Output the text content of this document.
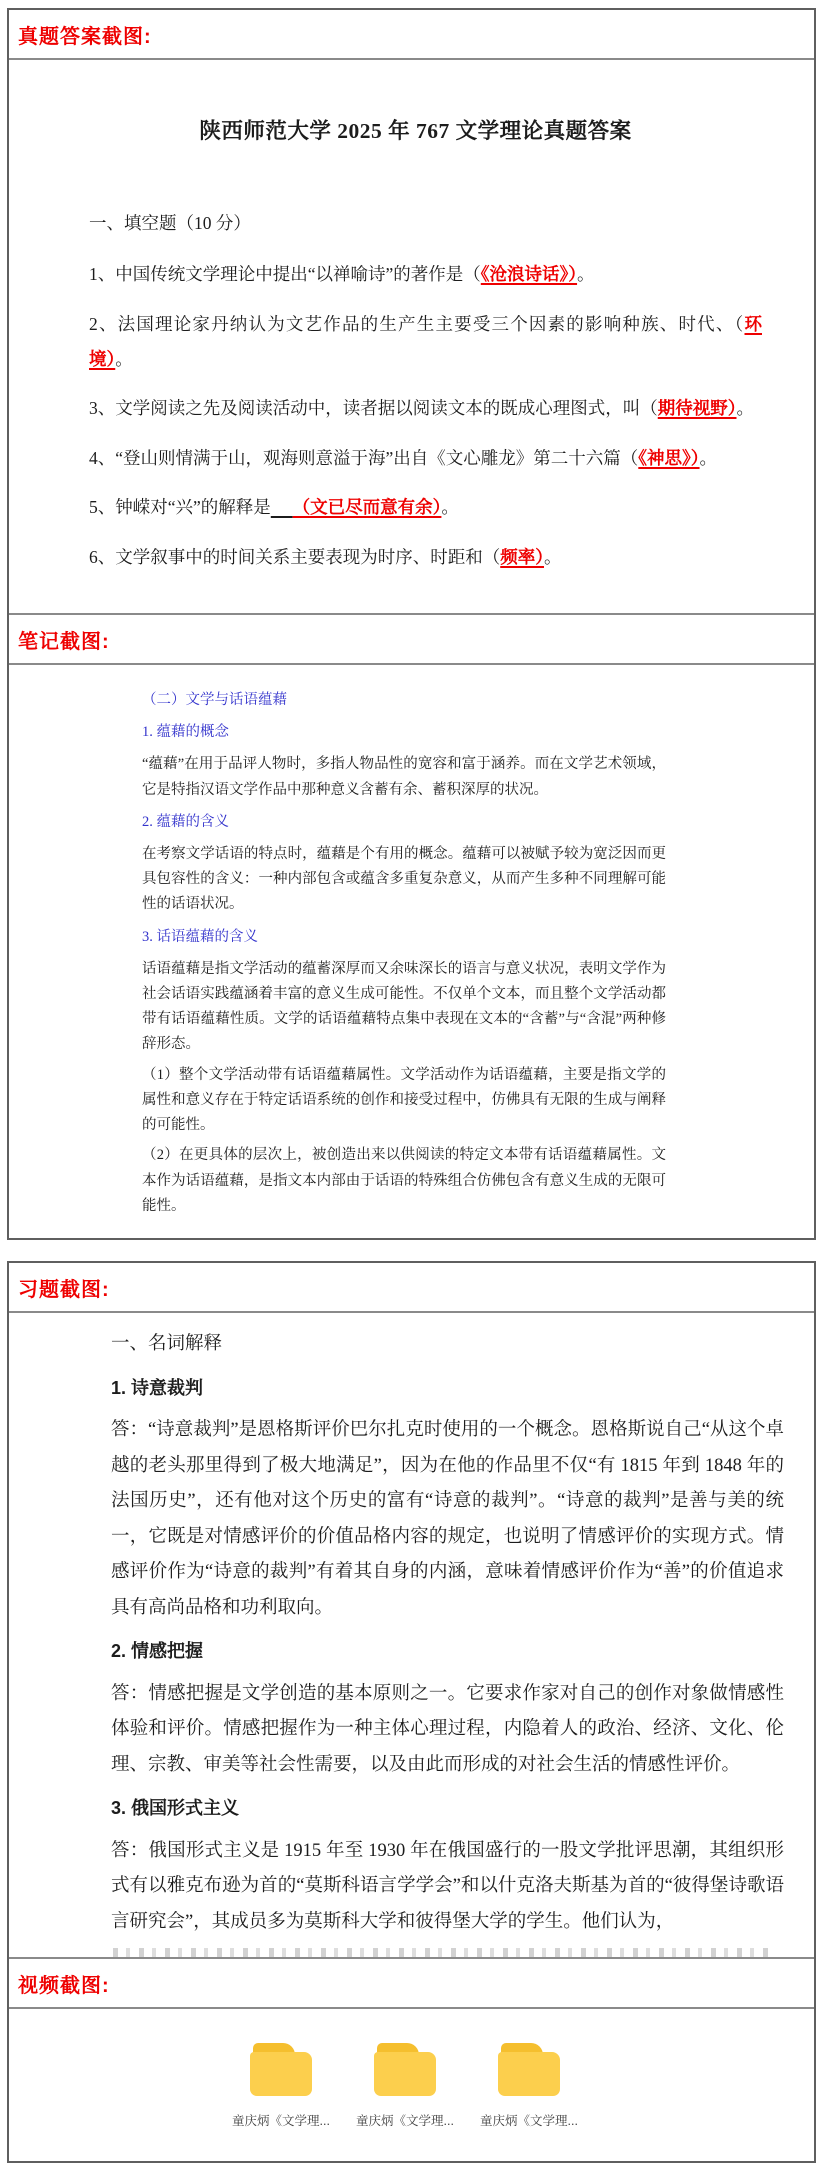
真题答案截图:
陕西师范大学 2025 年 767 文学理论真题答案

一、填空题（10 分）

1、中国传统文学理论中提出“以禅喻诗”的著作是（《沧浪诗话》）。

2、法国理论家丹纳认为文艺作品的生产生主要受三个因素的影响种族、时代、（环境）。

3、文学阅读之先及阅读活动中，读者据以阅读文本的既成心理图式，叫（期待视野）。

4、“登山则情满于山，观海则意溢于海”出自《文心雕龙》第二十六篇（《神思》）。

5、钟嵘对“兴”的解释是　 （文已尽而意有余）。

6、文学叙事中的时间关系主要表现为时序、时距和（频率）。

笔记截图:

（二）文学与话语蕴藉

1. 蕴藉的概念

“蕴藉”在用于品评人物时，多指人物品性的宽容和富于涵养。而在文学艺术领域，它是特指汉语文学作品中那种意义含蓄有余、蓄积深厚的状况。

2. 蕴藉的含义

在考察文学话语的特点时，蕴藉是个有用的概念。蕴藉可以被赋予较为宽泛因而更具包容性的含义：一种内部包含或蕴含多重复杂意义，从而产生多种不同理解可能性的话语状况。

3. 话语蕴藉的含义

话语蕴藉是指文学活动的蕴蓄深厚而又余味深长的语言与意义状况，表明文学作为社会话语实践蕴涵着丰富的意义生成可能性。不仅单个文本，而且整个文学活动都带有话语蕴藉性质。文学的话语蕴藉特点集中表现在文本的“含蓄”与“含混”两种修辞形态。

（1）整个文学活动带有话语蕴藉属性。文学活动作为话语蕴藉，主要是指文学的属性和意义存在于特定话语系统的创作和接受过程中，仿佛具有无限的生成与阐释的可能性。

（2）在更具体的层次上，被创造出来以供阅读的特定文本带有话语蕴藉属性。文本作为话语蕴藉，是指文本内部由于话语的特殊组合仿佛包含有意义生成的无限可能性。

习题截图:

一、名词解释

1. 诗意裁判

答：“诗意裁判”是恩格斯评价巴尔扎克时使用的一个概念。恩格斯说自己“从这个卓越的老头那里得到了极大地满足”，因为在他的作品里不仅“有 1815 年到 1848 年的法国历史”，还有他对这个历史的富有“诗意的裁判”。“诗意的裁判”是善与美的统一，它既是对情感评价的价值品格内容的规定，也说明了情感评价的实现方式。情感评价作为“诗意的裁判”有着其自身的内涵，意味着情感评价作为“善”的价值追求具有高尚品格和功利取向。

2. 情感把握

答：情感把握是文学创造的基本原则之一。它要求作家对自己的创作对象做情感性体验和评价。情感把握作为一种主体心理过程，内隐着人的政治、经济、文化、伦理、宗教、审美等社会性需要，以及由此而形成的对社会生活的情感性评价。

3. 俄国形式主义

答：俄国形式主义是 1915 年至 1930 年在俄国盛行的一股文学批评思潮，其组织形式有以雅克布逊为首的“莫斯科语言学学会”和以什克洛夫斯基为首的“彼得堡诗歌语言研究会”，其成员多为莫斯科大学和彼得堡大学的学生。他们认为，

视频截图:
童庆炳《文学理...	童庆炳《文学理...	童庆炳《文学理...
